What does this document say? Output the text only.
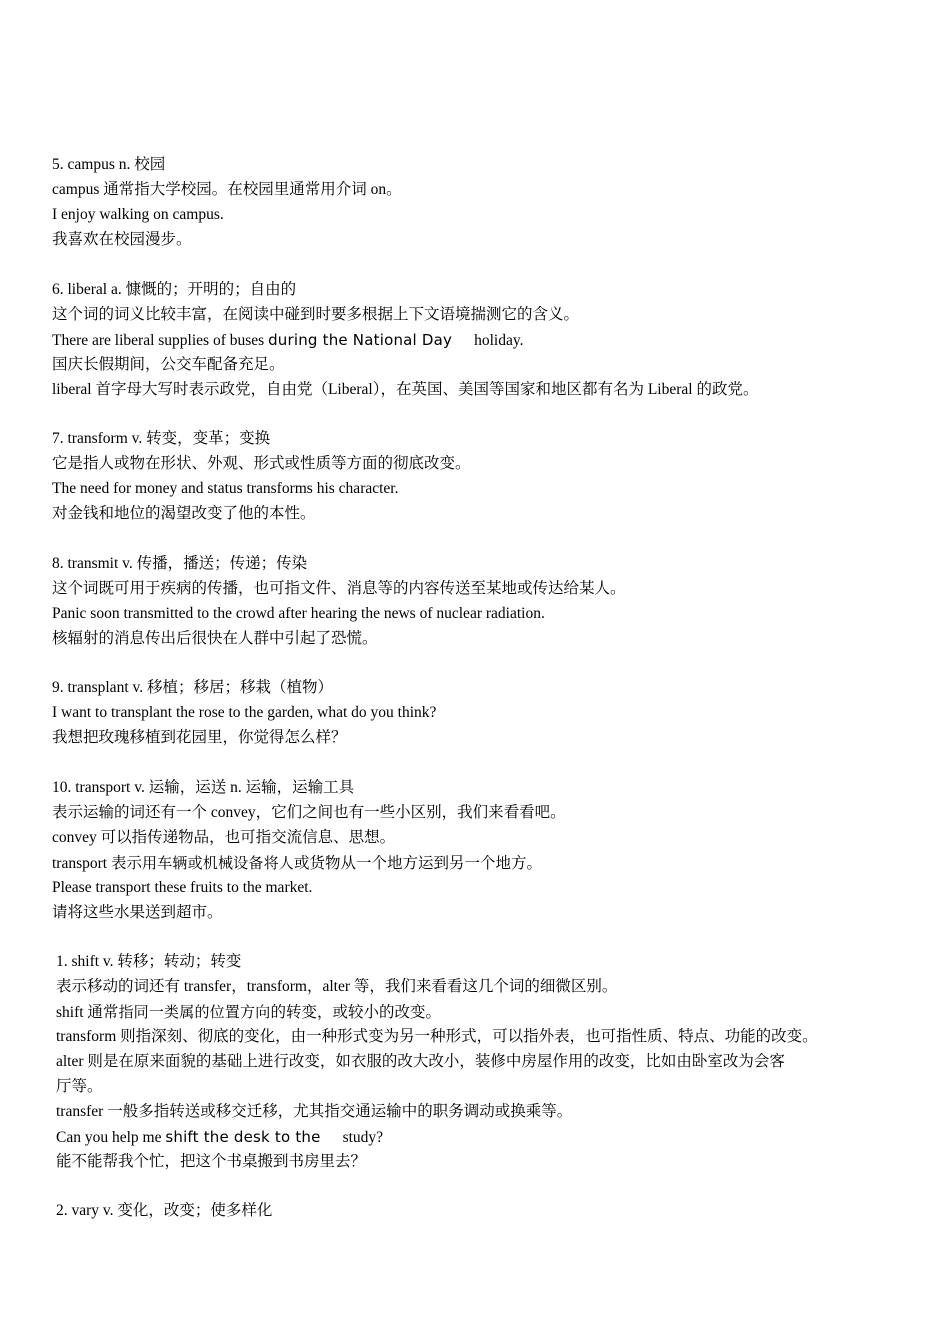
5. campus n. 校园
campus 通常指大学校园。在校园里通常用介词 on。
I enjoy walking on campus.
我喜欢在校园漫步。
6. liberal a. 慷慨的；开明的；自由的
这个词的词义比较丰富，在阅读中碰到时要多根据上下文语境揣测它的含义。
There are liberal supplies of buses during the National Day holiday.
国庆长假期间，公交车配备充足。
liberal 首字母大写时表示政党，自由党（Liberal），在英国、美国等国家和地区都有名为 Liberal 的政党。
7. transform v. 转变，变革；变换
它是指人或物在形状、外观、形式或性质等方面的彻底改变。
The need for money and status transforms his character.
对金钱和地位的渴望改变了他的本性。
8. transmit v. 传播，播送；传递；传染
这个词既可用于疾病的传播，也可指文件、消息等的内容传送至某地或传达给某人。
Panic soon transmitted to the crowd after hearing the news of nuclear radiation.
核辐射的消息传出后很快在人群中引起了恐慌。
9. transplant v. 移植；移居；移栽（植物）
I want to transplant the rose to the garden, what do you think?
我想把玫瑰移植到花园里，你觉得怎么样？
10. transport v. 运输，运送 n. 运输，运输工具
表示运输的词还有一个 convey，它们之间也有一些小区别，我们来看看吧。
convey 可以指传递物品，也可指交流信息、思想。
transport 表示用车辆或机械设备将人或货物从一个地方运到另一个地方。
Please transport these fruits to the market.
请将这些水果送到超市。
1. shift v. 转移；转动；转变
表示移动的词还有 transfer，transform，alter 等，我们来看看这几个词的细微区别。
shift 通常指同一类属的位置方向的转变，或较小的改变。
transform 则指深刻、彻底的变化，由一种形式变为另一种形式，可以指外表，也可指性质、特点、功能的改变。
alter 则是在原来面貌的基础上进行改变，如衣服的改大改小，装修中房屋作用的改变，比如由卧室改为会客
厅等。
transfer 一般多指转送或移交迁移，尤其指交通运输中的职务调动或换乘等。
Can you help me shift the desk to the study?
能不能帮我个忙，把这个书桌搬到书房里去？
2. vary v. 变化，改变；使多样化
